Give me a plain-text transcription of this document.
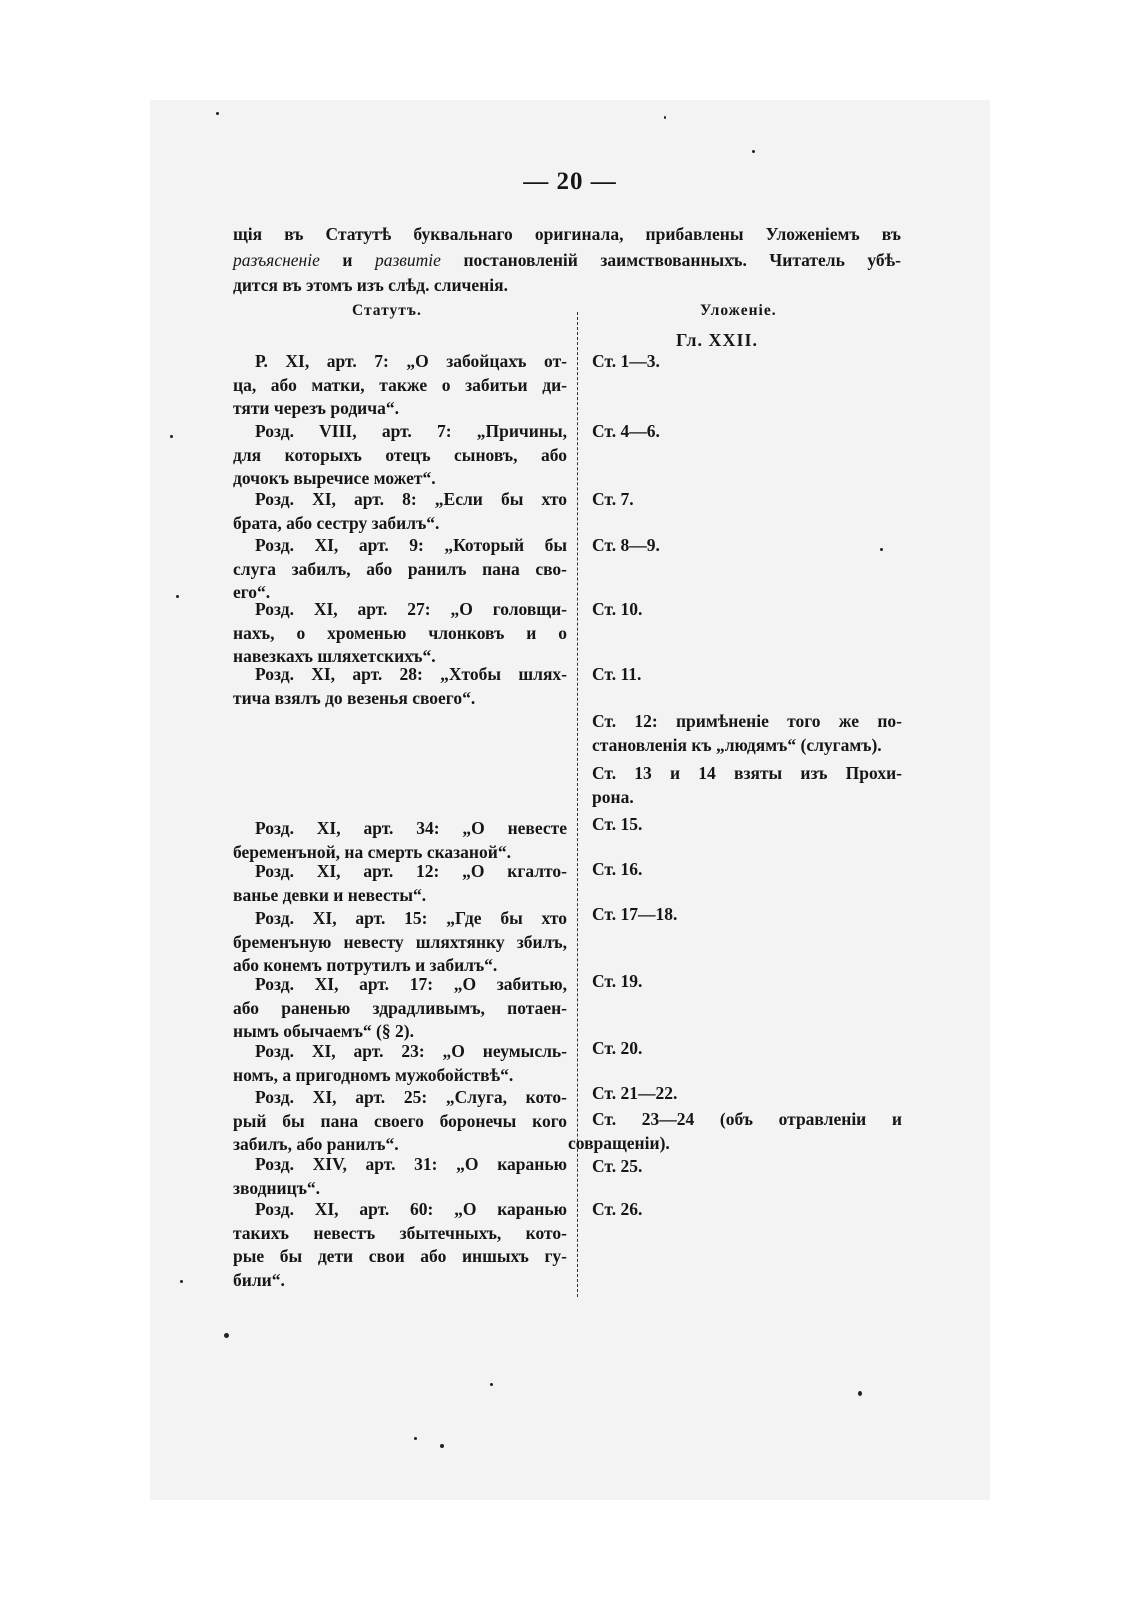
— 20 —
щія въ Статутѣ буквальнаго оригинала, прибавлены Уложеніемъ въ
разъясненіе и развитіе постановленій заимствованныхъ. Читатель убѣ-
дится въ этомъ изъ слѣд. сличенія.
Статутъ.	Уложеніе.
Гл. XXII.
Р. XI, арт. 7: „О забойцахъ от-
ца, або матки, также о забитьи ди-
тяти черезъ родича“.
Розд. VIII, арт. 7: „Причины,
для которыхъ отецъ сыновъ, або
дочокъ выречисе может“.
Розд. XI, арт. 8: „Если бы хто
брата, або сестру забилъ“.
Розд. XI, арт. 9: „Который бы
слуга забилъ, або ранилъ пана сво-
его“.
Розд. XI, арт. 27: „О головщи-
нахъ, о хроменью члонковъ и о
навезкахъ шляхетскихъ“.
Розд. XI, арт. 28: „Хтобы шлях-
тича взялъ до везенья своего“.
Розд. XI, арт. 34: „О невесте
беременъной, на смерть сказаной“.
Розд. XI, арт. 12: „О кгалто-
ванье девки и невесты“.
Розд. XI, арт. 15: „Где бы хто
бременъную невесту шляхтянку збилъ,
або конемъ потрутилъ и забилъ“.
Розд. XI, арт. 17: „О забитью,
або раненью здрадливымъ, потаен-
нымъ обычаемъ“ (§ 2).
Розд. XI, арт. 23: „О неумысль-
номъ, а пригодномъ мужобойствѣ“.
Розд. XI, арт. 25: „Слуга, кото-
рый бы пана своего боронечы кого
забилъ, або ранилъ“.
Розд. XIV, арт. 31: „О каранью
зводницъ“.
Розд. XI, арт. 60: „О каранью
такихъ невестъ збытечныхъ, кото-
рые бы дети свои або иншыхъ гу-
били“.
Ст. 1—3.
Ст. 4—6.
Ст. 7.
Ст. 8—9.
Ст. 10.
Ст. 11.
Ст. 12: примѣненіе того же по-
становленія къ „людямъ“ (слугамъ).
Ст. 13 и 14 взяты изъ Прохи-
рона.
Ст. 15.
Ст. 16.
Ст. 17—18.
Ст. 19.
Ст. 20.
Ст. 21—22.
Ст. 23—24 (объ отравленіи и
совращеніи).
Ст. 25.
Ст. 26.
